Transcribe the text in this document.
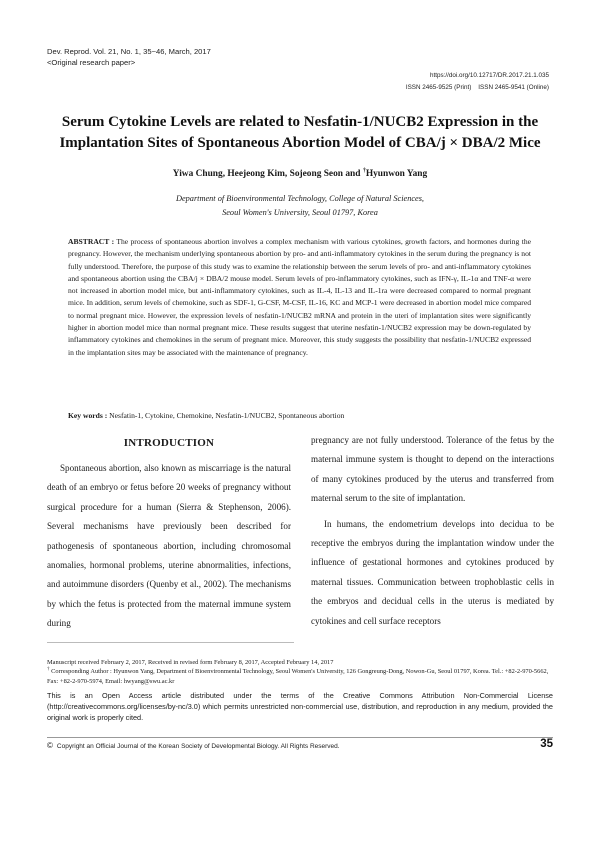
Dev. Reprod. Vol. 21, No. 1, 35~46, March, 2017
<Original research paper>
https://doi.org/10.12717/DR.2017.21.1.035
ISSN 2465-9525 (Print)    ISSN 2465-9541 (Online)
Serum Cytokine Levels are related to Nesfatin-1/NUCB2 Expression in the
Implantation Sites of Spontaneous Abortion Model of CBA/j × DBA/2 Mice
Yiwa Chung, Heejeong Kim, Sojeong Seon and †Hyunwon Yang
Department of Bioenvironmental Technology, College of Natural Sciences,
Seoul Women's University, Seoul 01797, Korea

ABSTRACT : The process of spontaneous abortion involves a complex mechanism with various cytokines, growth factors, and hormones during the pregnancy. However, the mechanism underlying spontaneous abortion by pro- and anti-inflammatory cytokines in the serum during the pregnancy is not fully understood. Therefore, the purpose of this study was to examine the relationship between the serum levels of pro- and anti-inflammatory cytokines and spontaneous abortion using the CBA/j × DBA/2 mouse model. Serum levels of pro-inflammatory cytokines, such as IFN-γ, IL-1α and TNF-α were not increased in abortion model mice, but anti-inflammatory cytokines, such as IL-4, IL-13 and IL-1ra were decreased compared to normal pregnant mice. In addition, serum levels of chemokine, such as SDF-1, G-CSF, M-CSF, IL-16, KC and MCP-1 were decreased in abortion model mice compared to normal pregnant mice. However, the expression levels of nesfatin-1/NUCB2 mRNA and protein in the uteri of implantation sites were significantly higher in abortion model mice than normal pregnant mice. These results suggest that uterine nesfatin-1/NUCB2 expression may be down-regulated by inflammatory cytokines and chemokines in the serum of pregnant mice. Moreover, this study suggests the possibility that nesfatin-1/NUCB2 expressed in the implantation sites may be associated with the maintenance of pregnancy.

Key words : Nesfatin-1, Cytokine, Chemokine, Nesfatin-1/NUCB2, Spontaneous abortion

INTRODUCTION

Spontaneous abortion, also known as miscarriage is the natural death of an embryo or fetus before 20 weeks of pregnancy without surgical procedure for a human (Sierra & Stephenson, 2006). Several mechanisms have previously been described for pathogenesis of spontaneous abortion, including chromosomal anomalies, hormonal problems, uterine abnormalities, infections, and autoimmune disorders (Quenby et al., 2002). The mechanisms by which the fetus is protected from the maternal immune system during

pregnancy are not fully understood. Tolerance of the fetus by the maternal immune system is thought to depend on the interactions of many cytokines produced by the uterus and transferred from maternal serum to the site of implantation.

In humans, the endometrium develops into decidua to be receptive the embryos during the implantation window under the influence of gestational hormones and cytokines produced by maternal tissues. Communication between trophoblastic cells in the embryos and decidual cells in the uterus is mediated by cytokines and cell surface receptors

Manuscript received February 2, 2017, Received in revised form February 8, 2017, Accepted February 14, 2017
† Corresponding Author : Hyunwon Yang, Department of Bioenvironmental Technology, Seoul Women's University, 126 Gongreung-Dong, Nowon-Gu, Seoul 01797, Korea. Tel.: +82-2-970-5662, Fax: +82-2-970-5974, Email: hwyang@swu.ac.kr

This is an Open Access article distributed under the terms of the Creative Commons Attribution Non-Commercial License (http://creativecommons.org/licenses/by-nc/3.0) which permits unrestricted non-commercial use, distribution, and reproduction in any medium, provided the original work is properly cited.

© Copyright an Official Journal of the Korean Society of Developmental Biology. All Rights Reserved.	35
